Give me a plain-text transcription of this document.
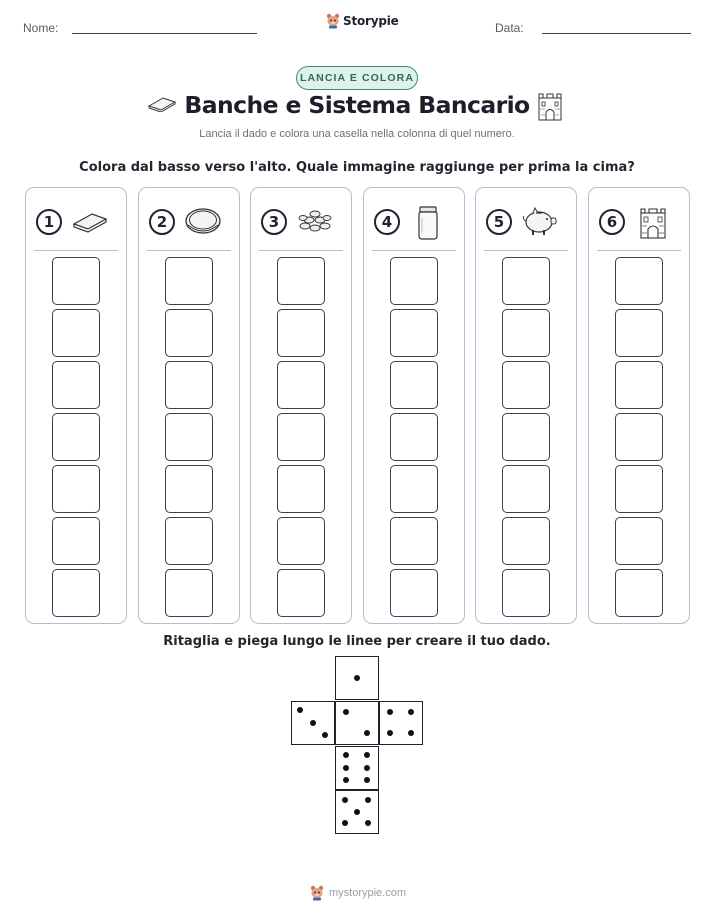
Nome:	Storypie	Data:
LANCIA E COLORA
Banche e Sistema Bancario
Lancia il dado e colora una casella nella colonna di quel numero.
Colora dal basso verso l'alto. Quale immagine raggiunge per prima la cima?
1	2	3	4	5	6
Ritaglia e piega lungo le linee per creare il tuo dado.
mystorypie.com
